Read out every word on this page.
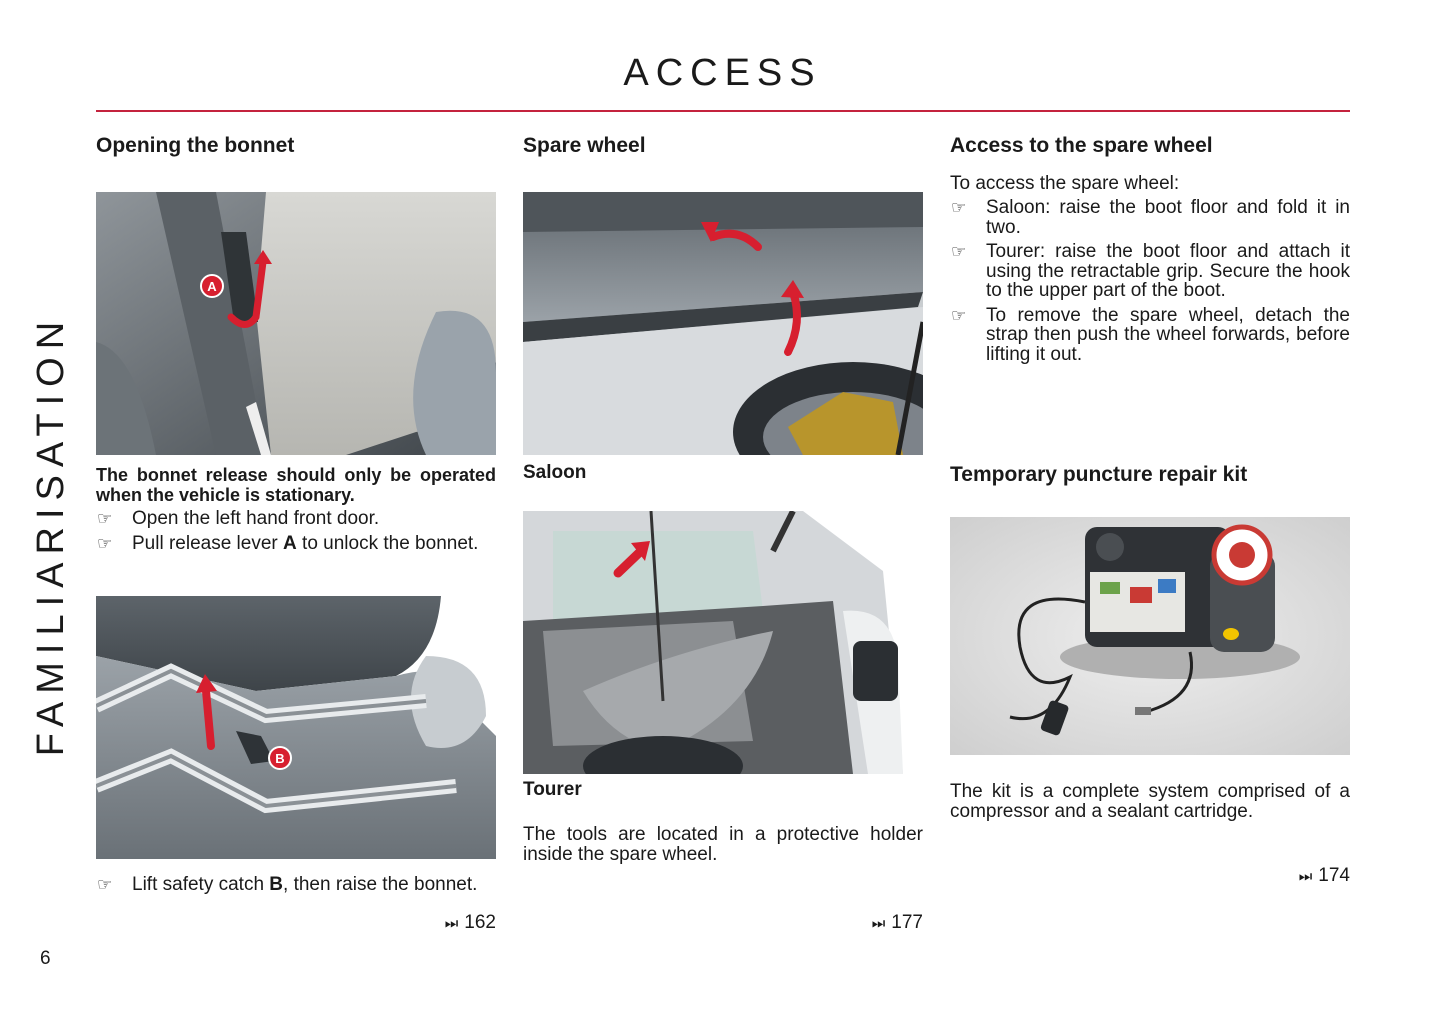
ACCESS
FAMILIARISATION
6
Opening the bonnet
A

The bonnet release should only be operated when the vehicle is stationary.

☞ Open the left hand front door.
☞ Pull release lever A to unlock the bonnet.
B
☞ Lift safety catch B, then raise the bonnet.
⏭ 162
Spare wheel
Saloon
Tourer

The tools are located in a protective holder inside the spare wheel.

⏭ 177
Access to the spare wheel

To access the spare wheel:

☞ Saloon: raise the boot floor and fold it in two.
☞ Tourer: raise the boot floor and attach it using the retractable grip. Secure the hook to the upper part of the boot.
☞ To remove the spare wheel, detach the strap then push the wheel forwards, before lifting it out.
Temporary puncture repair kit

The kit is a complete system comprised of a compressor and a sealant cartridge.

⏭ 174
